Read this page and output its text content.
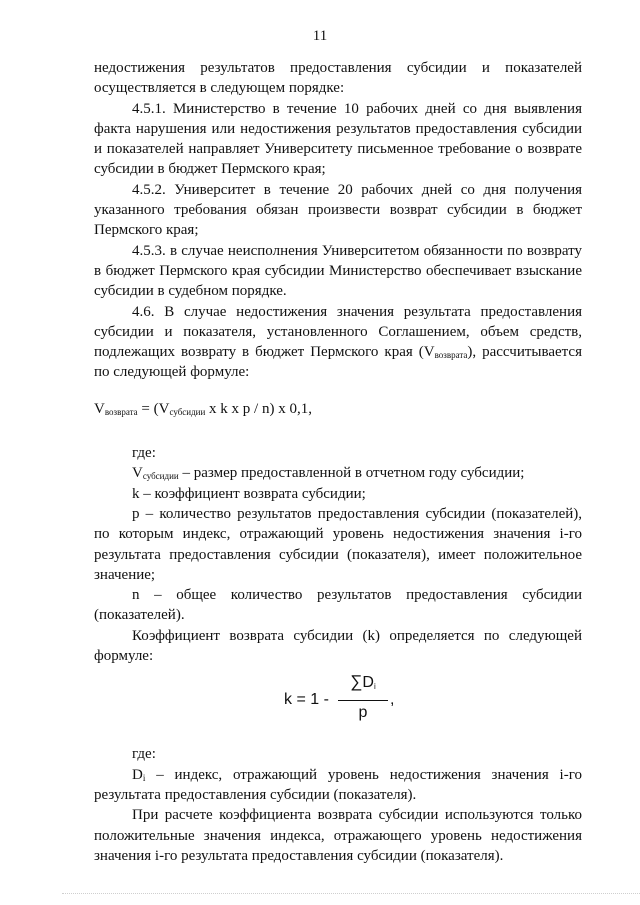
11

недостижения результатов предоставления субсидии и показателей осуществляется в следующем порядке:

4.5.1. Министерство в течение 10 рабочих дней со дня выявления факта нарушения или недостижения результатов предоставления субсидии и показателей направляет Университету письменное требование о возврате субсидии в бюджет Пермского края;

4.5.2. Университет в течение 20 рабочих дней со дня получения указанного требования обязан произвести возврат субсидии в бюджет Пермского края;

4.5.3. в случае неисполнения Университетом обязанности по возврату в бюджет Пермского края субсидии Министерство обеспечивает взыскание субсидии в судебном порядке.

4.6. В случае недостижения значения результата предоставления субсидии и показателя, установленного Соглашением, объем средств, подлежащих возврату в бюджет Пермского края $(V_{возврата})$, рассчитывается по следующей формуле:

$V_{возврата} = (V_{субсидии}$ x k x p / n) x 0,1,

где:

$V_{субсидии}$ – размер предоставленной в отчетном году субсидии;

k – коэффициент возврата субсидии;

p – количество результатов предоставления субсидии (показателей), по которым индекс, отражающий уровень недостижения значения i-го результата предоставления субсидии (показателя), имеет положительное значение;

n – общее количество результатов предоставления субсидии (показателей).

Коэффициент возврата субсидии (k) определяется по следующей формуле:

$k = 1 - \frac{\sum Di}{p}$ ,

где:

$D_i$ – индекс, отражающий уровень недостижения значения i-го результата предоставления субсидии (показателя).

При расчете коэффициента возврата субсидии используются только положительные значения индекса, отражающего уровень недостижения значения i-го результата предоставления субсидии (показателя).
